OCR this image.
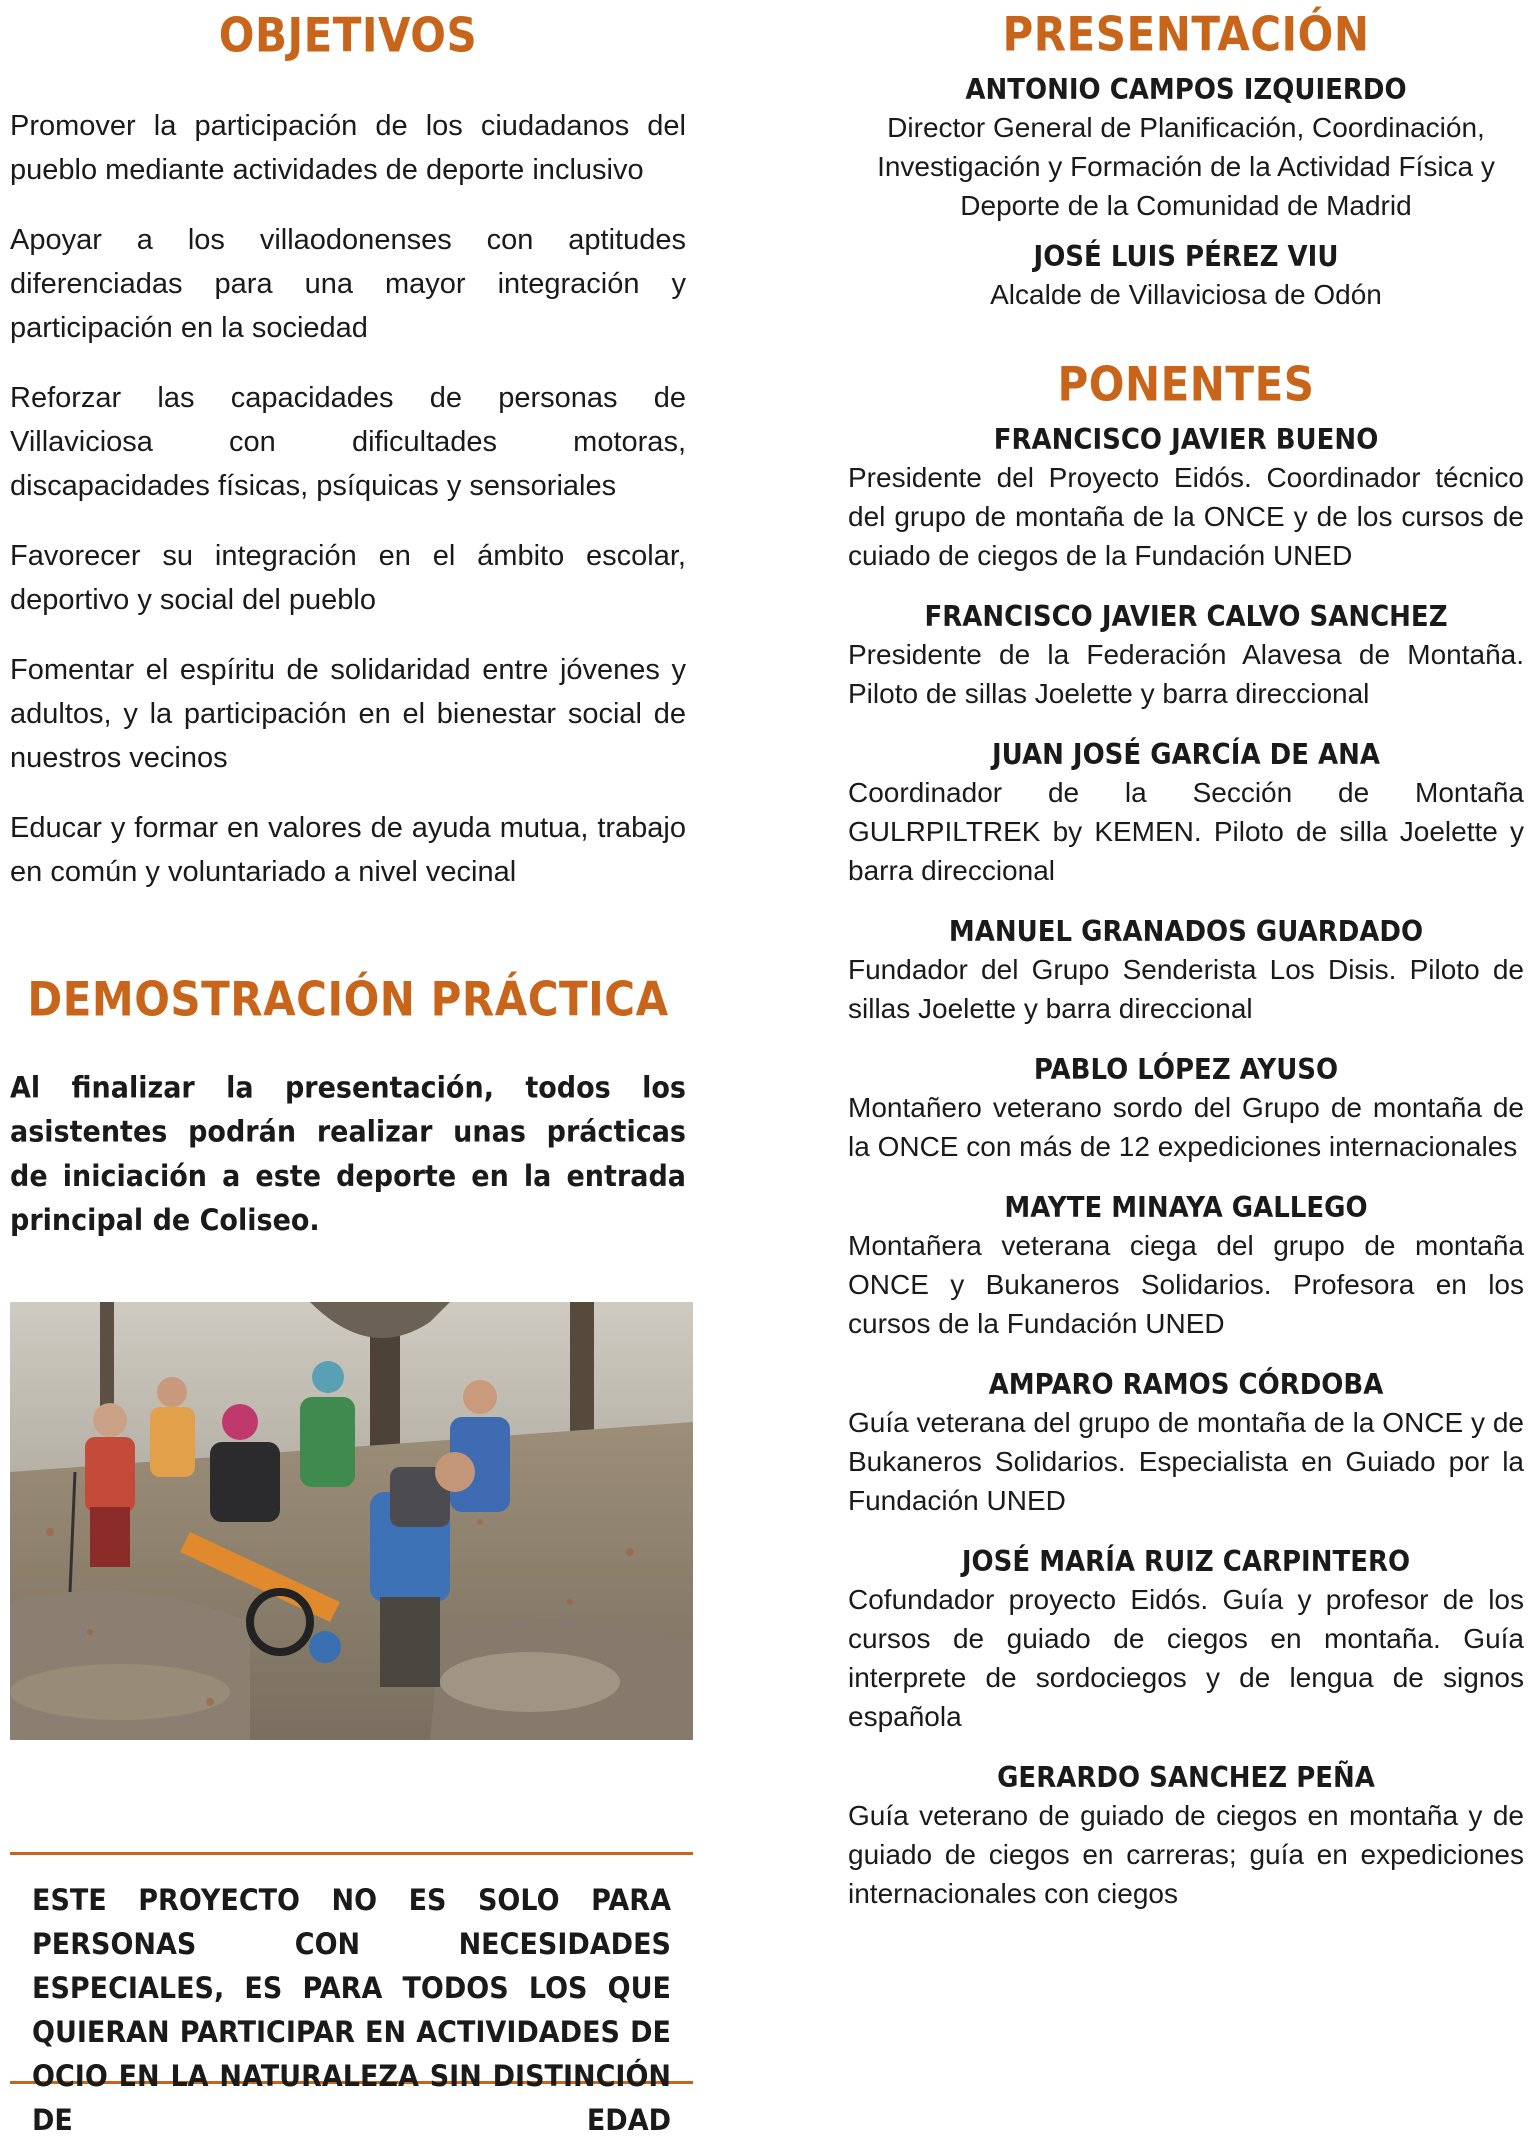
OBJETIVOS

Promover la participación de los ciudadanos del pueblo mediante actividades de deporte inclusivo

Apoyar a los villaodonenses con aptitudes diferenciadas para una mayor integración y participación en la sociedad

Reforzar las capacidades de personas de Villaviciosa con dificultades motoras, discapacidades físicas, psíquicas y sensoriales

Favorecer su integración en el ámbito escolar, deportivo y social del pueblo

Fomentar el espíritu de solidaridad entre jóvenes y adultos, y la participación en el bienestar social de nuestros vecinos

Educar y formar en valores de ayuda mutua, trabajo en común y voluntariado a nivel vecinal

DEMOSTRACIÓN PRÁCTICA
Al finalizar la presentación, todos los asistentes podrán realizar unas prácticas de iniciación a este deporte en la entrada principal de Coliseo.
ESTE PROYECTO NO ES SOLO PARA PERSONAS CON NECESIDADES ESPECIALES, ES PARA TODOS LOS QUE QUIERAN PARTICIPAR EN ACTIVIDADES DE OCIO EN LA NATURALEZA SIN DISTINCIÓN DE EDAD
PRESENTACIÓN
ANTONIO CAMPOS IZQUIERDO
Director General de Planificación, Coordinación, Investigación y Formación de la Actividad Física y Deporte de la Comunidad de Madrid
JOSÉ LUIS PÉREZ VIU
Alcalde de Villaviciosa de Odón
PONENTES
FRANCISCO JAVIER BUENO
Presidente del Proyecto Eidós. Coordinador técnico del grupo de montaña de la ONCE y de los cursos de cuiado de ciegos de la Fundación UNED
FRANCISCO JAVIER CALVO SANCHEZ
Presidente de la Federación Alavesa de Montaña. Piloto de sillas Joelette y barra direccional
JUAN JOSÉ GARCÍA DE ANA
Coordinador de la Sección de Montaña GULRPILTREK by KEMEN. Piloto de silla Joelette y barra direccional
MANUEL GRANADOS GUARDADO
Fundador del Grupo Senderista Los Disis. Piloto de sillas Joelette y barra direccional
PABLO LÓPEZ AYUSO
Montañero veterano sordo del Grupo de montaña de la ONCE con más de 12 expediciones internacionales
MAYTE MINAYA GALLEGO
Montañera veterana ciega del grupo de montaña ONCE y Bukaneros Solidarios. Profesora en los cursos de la Fundación UNED
AMPARO RAMOS CÓRDOBA
Guía veterana del grupo de montaña de la ONCE y de Bukaneros Solidarios. Especialista en Guiado por la Fundación UNED
JOSÉ MARÍA RUIZ CARPINTERO
Cofundador proyecto Eidós. Guía y profesor de los cursos de guiado de ciegos en montaña. Guía interprete de sordociegos y de lengua de signos española
GERARDO SANCHEZ PEÑA
Guía veterano de guiado de ciegos en montaña y de guiado de ciegos en carreras; guía en expediciones internacionales con ciegos
